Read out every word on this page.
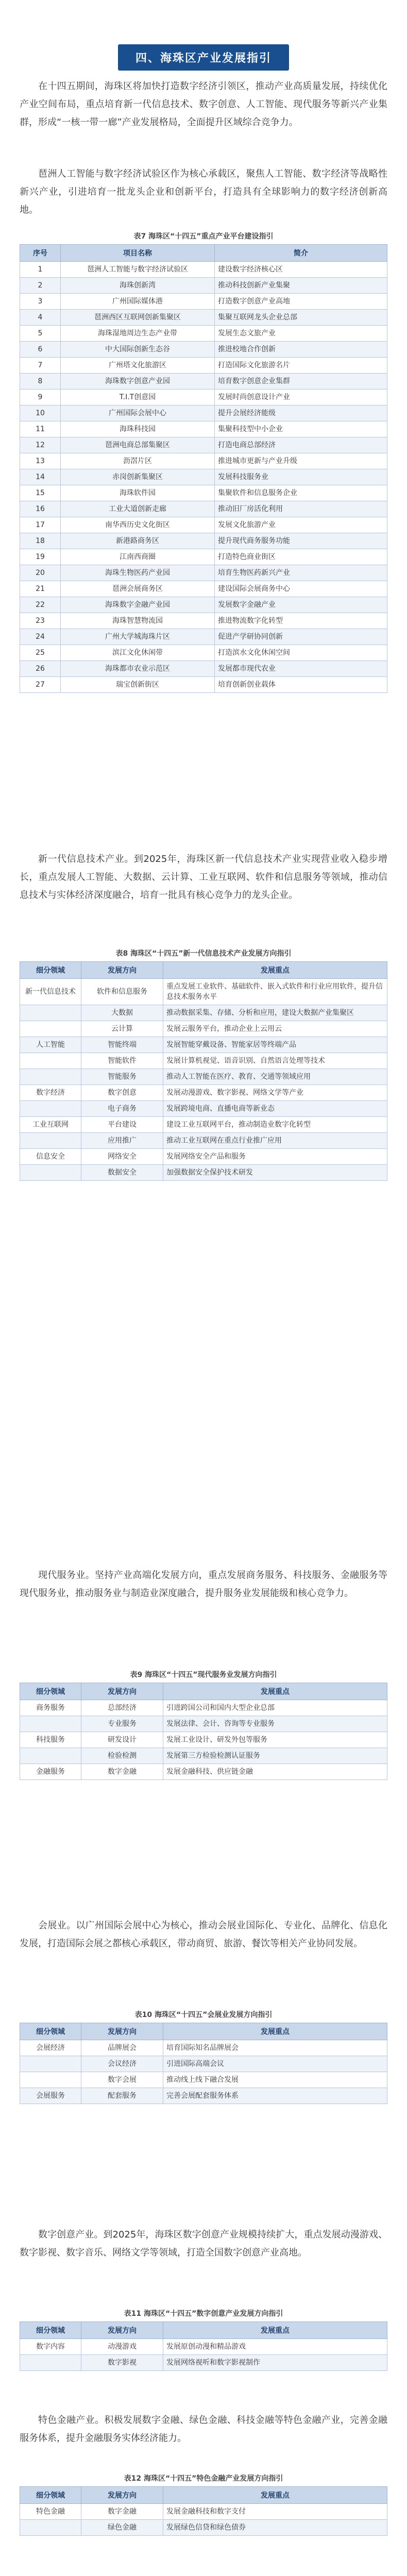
四、海珠区产业发展指引

在十四五期间，海珠区将加快打造数字经济引领区，推动产业高质量发展，持续优化产业空间布局，重点培育新一代信息技术、数字创意、人工智能、现代服务等新兴产业集群，形成“一核一带一廊”产业发展格局，全面提升区域综合竞争力。

琶洲人工智能与数字经济试验区作为核心承载区，聚焦人工智能、数字经济等战略性新兴产业，引进培育一批龙头企业和创新平台，打造具有全球影响力的数字经济创新高地。

表7 海珠区“十四五”重点产业平台建设指引
序号	项目名称	简介
1	琶洲人工智能与数字经济试验区	建设数字经济核心区
2	海珠创新湾	推动科技创新产业集聚
3	广州国际媒体港	打造数字创意产业高地
4	琶洲西区互联网创新集聚区	集聚互联网龙头企业总部
5	海珠湿地周边生态产业带	发展生态文旅产业
6	中大国际创新生态谷	推进校地合作创新
7	广州塔文化旅游区	打造国际文化旅游名片
8	海珠数字创意产业园	培育数字创意企业集群
9	T.I.T创意园	发展时尚创意设计产业
10	广州国际会展中心	提升会展经济能级
11	海珠科技园	集聚科技型中小企业
12	琶洲电商总部集聚区	打造电商总部经济
13	沥滘片区	推进城市更新与产业升级
14	赤岗创新集聚区	发展科技服务业
15	海珠软件园	集聚软件和信息服务企业
16	工业大道创新走廊	推动旧厂房活化利用
17	南华西历史文化街区	发展文化旅游产业
18	新港路商务区	提升现代商务服务功能
19	江南西商圈	打造特色商业街区
20	海珠生物医药产业园	培育生物医药新兴产业
21	琶洲会展商务区	建设国际会展商务中心
22	海珠数字金融产业园	发展数字金融产业
23	海珠智慧物流园	推进物流数字化转型
24	广州大学城海珠片区	促进产学研协同创新
25	滨江文化休闲带	打造滨水文化休闲空间
26	海珠都市农业示范区	发展都市现代农业
27	瑞宝创新街区	培育创新创业载体

新一代信息技术产业。到2025年，海珠区新一代信息技术产业实现营业收入稳步增长，重点发展人工智能、大数据、云计算、工业互联网、软件和信息服务等领域，推动信息技术与实体经济深度融合，培育一批具有核心竞争力的龙头企业。

表8 海珠区“十四五”新一代信息技术产业发展方向指引
细分领域	发展方向	发展重点
新一代信息技术	软件和信息服务	重点发展工业软件、基础软件、嵌入式软件和行业应用软件，提升信息技术服务水平
	大数据	推动数据采集、存储、分析和应用，建设大数据产业集聚区
	云计算	发展云服务平台，推动企业上云用云
人工智能	智能终端	发展智能穿戴设备、智能家居等终端产品
	智能软件	发展计算机视觉、语音识别、自然语言处理等技术
	智能服务	推动人工智能在医疗、教育、交通等领域应用
数字经济	数字创意	发展动漫游戏、数字影视、网络文学等产业
	电子商务	发展跨境电商、直播电商等新业态
工业互联网	平台建设	建设工业互联网平台，推动制造业数字化转型
	应用推广	推动工业互联网在重点行业推广应用
信息安全	网络安全	发展网络安全产品和服务
	数据安全	加强数据安全保护技术研发

现代服务业。坚持产业高端化发展方向，重点发展商务服务、科技服务、金融服务等现代服务业，推动服务业与制造业深度融合，提升服务业发展能级和核心竞争力。

表9 海珠区“十四五”现代服务业发展方向指引
细分领域	发展方向	发展重点
商务服务	总部经济	引进跨国公司和国内大型企业总部
	专业服务	发展法律、会计、咨询等专业服务
科技服务	研发设计	发展工业设计、研发外包等服务
	检验检测	发展第三方检验检测认证服务
金融服务	数字金融	发展金融科技、供应链金融

会展业。以广州国际会展中心为核心，推动会展业国际化、专业化、品牌化、信息化发展，打造国际会展之都核心承载区，带动商贸、旅游、餐饮等相关产业协同发展。

表10 海珠区“十四五”会展业发展方向指引
细分领域	发展方向	发展重点
会展经济	品牌展会	培育国际知名品牌展会
	会议经济	引进国际高端会议
	数字会展	推动线上线下融合发展
会展服务	配套服务	完善会展配套服务体系

数字创意产业。到2025年，海珠区数字创意产业规模持续扩大，重点发展动漫游戏、数字影视、数字音乐、网络文学等领域，打造全国数字创意产业高地。

表11 海珠区“十四五”数字创意产业发展方向指引
细分领域	发展方向	发展重点
数字内容	动漫游戏	发展原创动漫和精品游戏
	数字影视	发展网络视听和数字影视制作

特色金融产业。积极发展数字金融、绿色金融、科技金融等特色金融产业，完善金融服务体系，提升金融服务实体经济能力。

表12 海珠区“十四五”特色金融产业发展方向指引
细分领域	发展方向	发展重点
特色金融	数字金融	发展金融科技和数字支付
	绿色金融	发展绿色信贷和绿色债券
